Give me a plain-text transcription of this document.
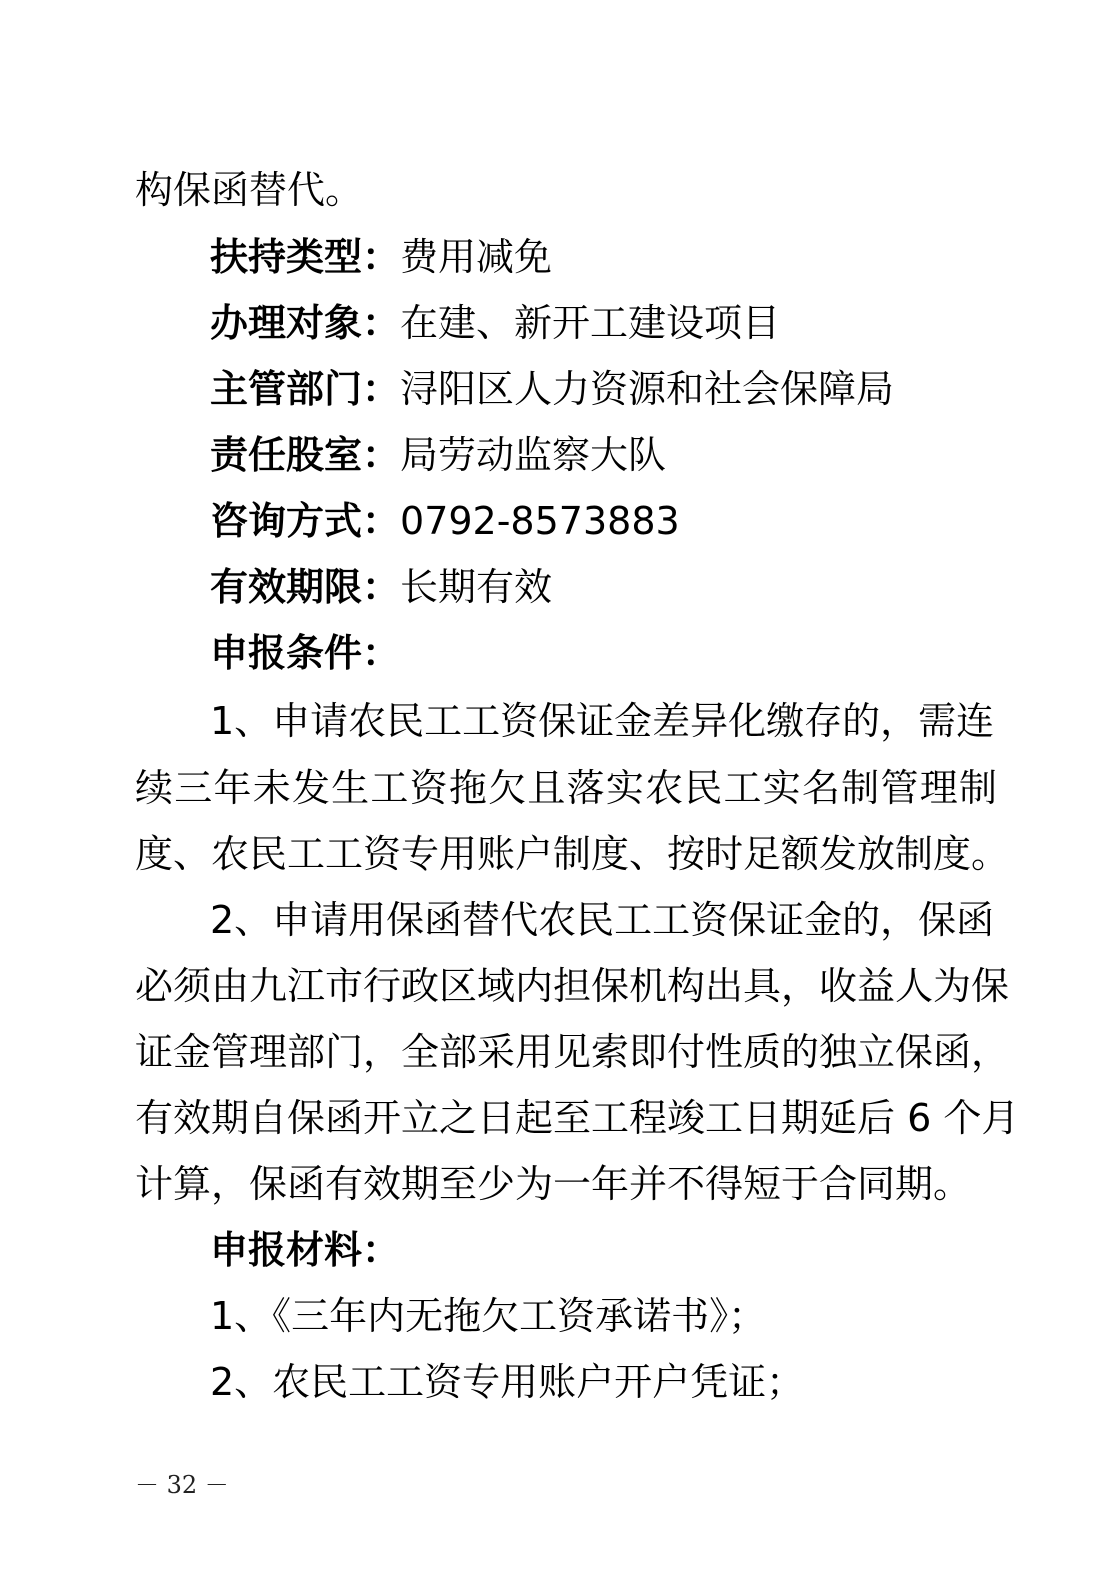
构保函替代。
扶持类型：费用减免
办理对象：在建、新开工建设项目
主管部门：浔阳区人力资源和社会保障局
责任股室：局劳动监察大队
咨询方式：0792-8573883
有效期限：长期有效
申报条件：
1、申请农民工工资保证金差异化缴存的，需连
续三年未发生工资拖欠且落实农民工实名制管理制
度、农民工工资专用账户制度、按时足额发放制度。
2、申请用保函替代农民工工资保证金的，保函
必须由九江市行政区域内担保机构出具，收益人为保
证金管理部门，全部采用见索即付性质的独立保函，
有效期自保函开立之日起至工程竣工日期延后 6 个月
计算，保函有效期至少为一年并不得短于合同期。
申报材料：
1、《三年内无拖欠工资承诺书》；
2、农民工工资专用账户开户凭证；
－ 32 －
